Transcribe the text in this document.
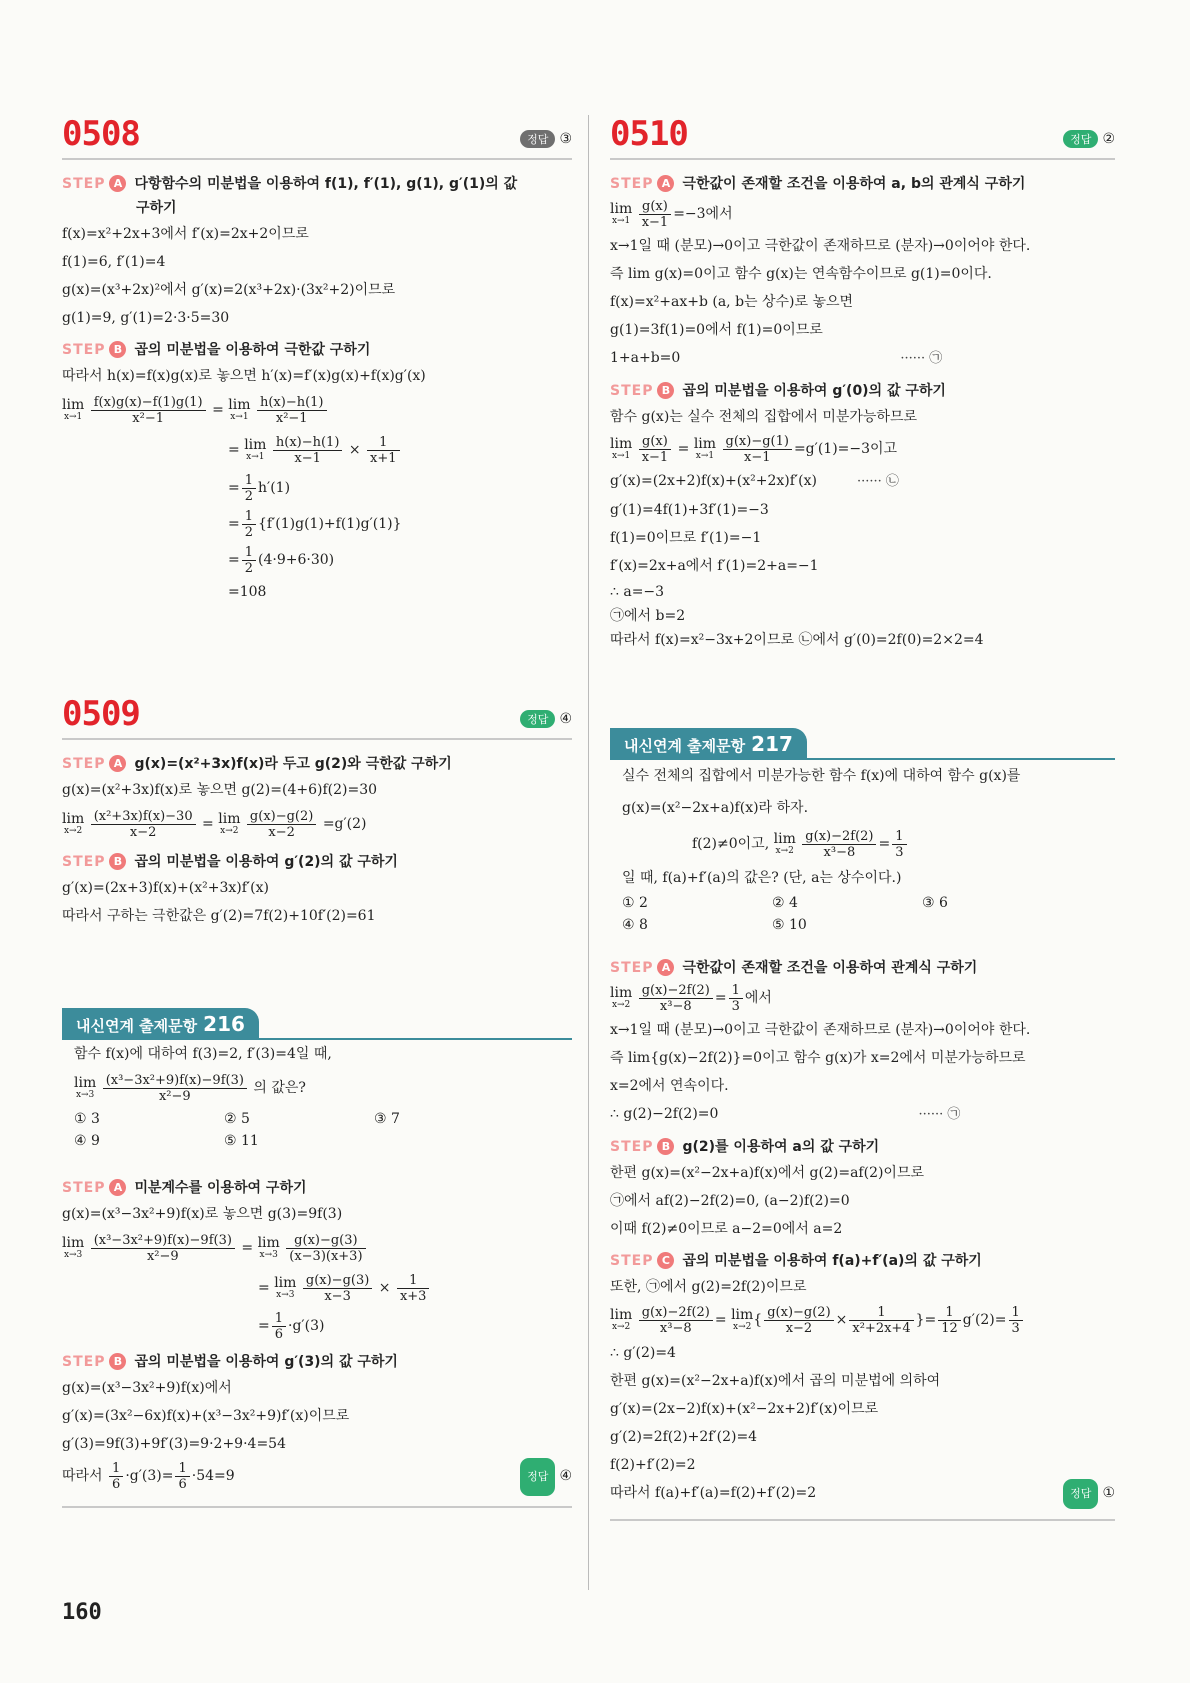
0508	정답 ③
STEP A 다항함수의 미분법을 이용하여 f(1), f′(1), g(1), g′(1)의 값
구하기
f(x)=x²+2x+3에서 f′(x)=2x+2이므로
f(1)=6, f′(1)=4
g(x)=(x³+2x)²에서 g′(x)=2(x³+2x)·(3x²+2)이므로
g(1)=9, g′(1)=2·3·5=30
STEP B 곱의 미분법을 이용하여 극한값 구하기
따라서 h(x)=f(x)g(x)로 놓으면 h′(x)=f′(x)g(x)+f(x)g′(x)
lim
x→1
$\frac{f(x)g(x)-f(1)g(1)}{\text{x²−1}} = \lim$
x→1
$\frac{h(x)-h(1)}{\text{x²−1}}$
= lim
x→1
$\frac{h(x)-h(1)}{x-1} \times \frac{1}{x+1}$
= $\frac{1}{2} h'(1)$
= $\frac{1}{2} \{f'(1)g(1)+f(1)g'(1)\}$
= $\frac{1}{2} (4\cdot 9+6\cdot 30)$
=108
0509	정답 ④
STEP A g(x)=(x²+3x)f(x)라 두고 g(2)와 극한값 구하기
g(x)=(x²+3x)f(x)로 놓으면 g(2)=(4+6)f(2)=30
lim
x→2
$\frac{\text{(x²+3x)f(x)−30}}{x-2} = \lim$
x→2
$\frac{g(x)-g(2)}{x-2} =g'(2)$
STEP B 곱의 미분법을 이용하여 g′(2)의 값 구하기
g′(x)=(2x+3)f(x)+(x²+3x)f′(x)
따라서 구하는 극한값은 g′(2)=7f(2)+10f′(2)=61
내신연계 출제문항 216
함수 f(x)에 대하여 f(3)=2, f′(3)=4일 때,
lim
x→3
$\frac{\text{(x³−3x²+9)f(x)−9f(3)}}{\text{x²−9}}$ 의 값은?
① 3	② 5	③ 7
④ 9	⑤ 11
STEP A 미분계수를 이용하여 구하기
g(x)=(x³−3x²+9)f(x)로 놓으면 g(3)=9f(3)
lim
x→3
$\frac{\text{(x³−3x²+9)f(x)−9f(3)}}{\text{x²−9}} = \lim$
x→3
$\frac{g(x)-g(3)}{(x-3)(x+3)}$
= lim
x→3
$\frac{g(x)-g(3)}{x-3} \times \frac{1}{x+3}$
= $\frac{1}{6} \cdot g'(3)$
STEP B 곱의 미분법을 이용하여 g′(3)의 값 구하기
g(x)=(x³−3x²+9)f(x)에서
g′(x)=(3x²−6x)f(x)+(x³−3x²+9)f′(x)이므로
g′(3)=9f(3)+9f′(3)=9·2+9·4=54
따라서 $\frac{1}{6} \cdot g'(3)= \frac{1}{6} \cdot 54=9$	정답 ④
0510	정답 ②
STEP A 극한값이 존재할 조건을 이용하여 a, b의 관계식 구하기
lim
x→1
$\frac{g(x)}{x-1} =-3$에서
x→1일 때 (분모)→0이고 극한값이 존재하므로 (분자)→0이어야 한다.
즉 lim g(x)=0이고 함수 g(x)는 연속함수이므로 g(1)=0이다.
f(x)=x²+ax+b (a, b는 상수)로 놓으면
g(1)=3f(1)=0에서 f(1)=0이므로
1+a+b=0	······ ㉠
STEP B 곱의 미분법을 이용하여 g′(0)의 값 구하기
함수 g(x)는 실수 전체의 집합에서 미분가능하므로
lim
x→1
$\frac{g(x)}{x-1} = \lim$
x→1
$\frac{g(x)-g(1)}{x-1} =g'(1)=-3$이고
g′(x)=(2x+2)f(x)+(x²+2x)f′(x)	······ ㉡
g′(1)=4f(1)+3f′(1)=−3
f(1)=0이므로 f′(1)=−1
f′(x)=2x+a에서 f′(1)=2+a=−1
∴ a=−3
㉠에서 b=2
따라서 f(x)=x²−3x+2이므로 ㉡에서 g′(0)=2f(0)=2×2=4
내신연계 출제문항 217
실수 전체의 집합에서 미분가능한 함수 f(x)에 대하여 함수 g(x)를
g(x)=(x²−2x+a)f(x)라 하자.
f(2)≠0이고, lim
x→2
$\frac{g(x)-2f(2)}{\text{x³−8}} = \frac{1}{3}$
일 때, f(a)+f′(a)의 값은? (단, a는 상수이다.)
① 2	② 4	③ 6
④ 8	⑤ 10
STEP A 극한값이 존재할 조건을 이용하여 관계식 구하기
lim
x→2
$\frac{g(x)-2f(2)}{\text{x³−8}} = \frac{1}{3}$ 에서
x→1일 때 (분모)→0이고 극한값이 존재하므로 (분자)→0이어야 한다.
즉 lim{g(x)−2f(2)}=0이고 함수 g(x)가 x=2에서 미분가능하므로
x=2에서 연속이다.
∴ g(2)−2f(2)=0	······ ㉠
STEP B g(2)를 이용하여 a의 값 구하기
한편 g(x)=(x²−2x+a)f(x)에서 g(2)=af(2)이므로
㉠에서 af(2)−2f(2)=0, (a−2)f(2)=0
이때 f(2)≠0이므로 a−2=0에서 a=2
STEP C 곱의 미분법을 이용하여 f(a)+f′(a)의 값 구하기
또한, ㉠에서 g(2)=2f(2)이므로
lim
x→2
$\frac{g(x)-2f(2)}{\text{x³−8}} = \lim$
x→2 { $\frac{g(x)-g(2)}{x-2} \times \frac{1}{\text{x²+2x+4}}$ }= $\frac{1}{12} g'(2)= \frac{1}{3}$
∴ g′(2)=4
한편 g(x)=(x²−2x+a)f(x)에서 곱의 미분법에 의하여
g′(x)=(2x−2)f(x)+(x²−2x+2)f′(x)이므로
g′(2)=2f(2)+2f′(2)=4
f(2)+f′(2)=2
따라서 f(a)+f′(a)=f(2)+f′(2)=2	정답 ①
160
